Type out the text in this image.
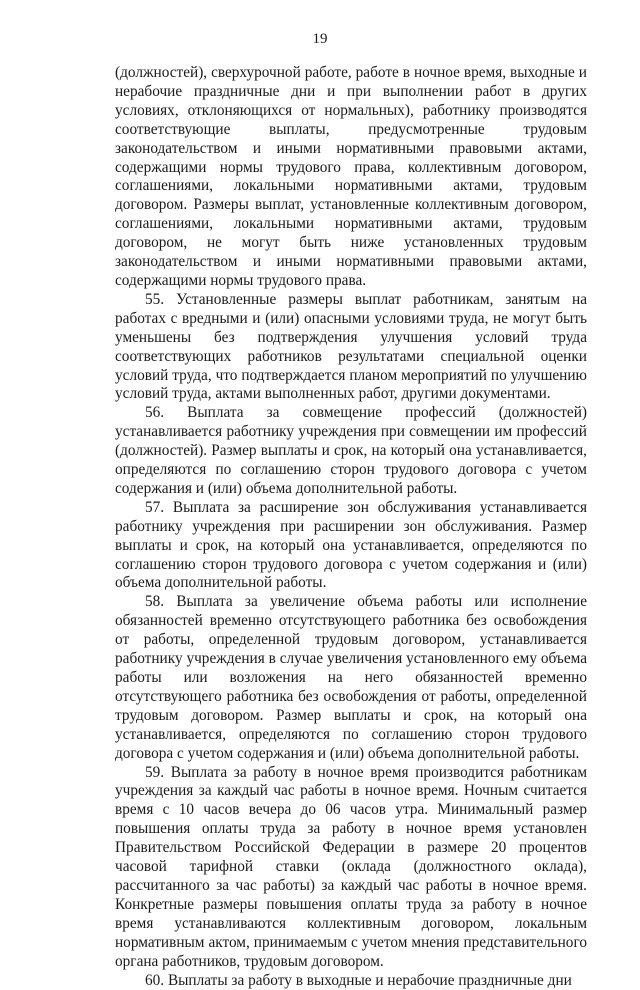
19

(должностей), сверхурочной работе, работе в ночное время, выходные и нерабочие праздничные дни и при выполнении работ в других условиях, отклоняющихся от нормальных), работнику производятся соответствующие выплаты, предусмотренные трудовым законодательством и иными нормативными правовыми актами, содержащими нормы трудового права, коллективным договором, соглашениями, локальными нормативными актами, трудовым договором. Размеры выплат, установленные коллективным договором, соглашениями, локальными нормативными актами, трудовым договором, не могут быть ниже установленных трудовым законодательством и иными нормативными правовыми актами, содержащими нормы трудового права.

55. Установленные размеры выплат работникам, занятым на работах с вредными и (или) опасными условиями труда, не могут быть уменьшены без подтверждения улучшения условий труда соответствующих работников результатами специальной оценки условий труда, что подтверждается планом мероприятий по улучшению условий труда, актами выполненных работ, другими документами.

56. Выплата за совмещение профессий (должностей) устанавливается работнику учреждения при совмещении им профессий (должностей). Размер выплаты и срок, на который она устанавливается, определяются по соглашению сторон трудового договора с учетом содержания и (или) объема дополнительной работы.

57. Выплата за расширение зон обслуживания устанавливается работнику учреждения при расширении зон обслуживания. Размер выплаты и срок, на который она устанавливается, определяются по соглашению сторон трудового договора с учетом содержания и (или) объема дополнительной работы.

58. Выплата за увеличение объема работы или исполнение обязанностей временно отсутствующего работника без освобождения от работы, определенной трудовым договором, устанавливается работнику учреждения в случае увеличения установленного ему объема работы или возложения на него обязанностей временно отсутствующего работника без освобождения от работы, определенной трудовым договором. Размер выплаты и срок, на который она устанавливается, определяются по соглашению сторон трудового договора с учетом содержания и (или) объема дополнительной работы.

59. Выплата за работу в ночное время производится работникам учреждения за каждый час работы в ночное время. Ночным считается время с 10 часов вечера до 06 часов утра. Минимальный размер повышения оплаты труда за работу в ночное время установлен Правительством Российской Федерации в размере 20 процентов часовой тарифной ставки (оклада (должностного оклада), рассчитанного за час работы) за каждый час работы в ночное время. Конкретные размеры повышения оплаты труда за работу в ночное время устанавливаются коллективным договором, локальным нормативным актом, принимаемым с учетом мнения представительного органа работников, трудовым договором.

60. Выплаты за работу в выходные и нерабочие праздничные дни
